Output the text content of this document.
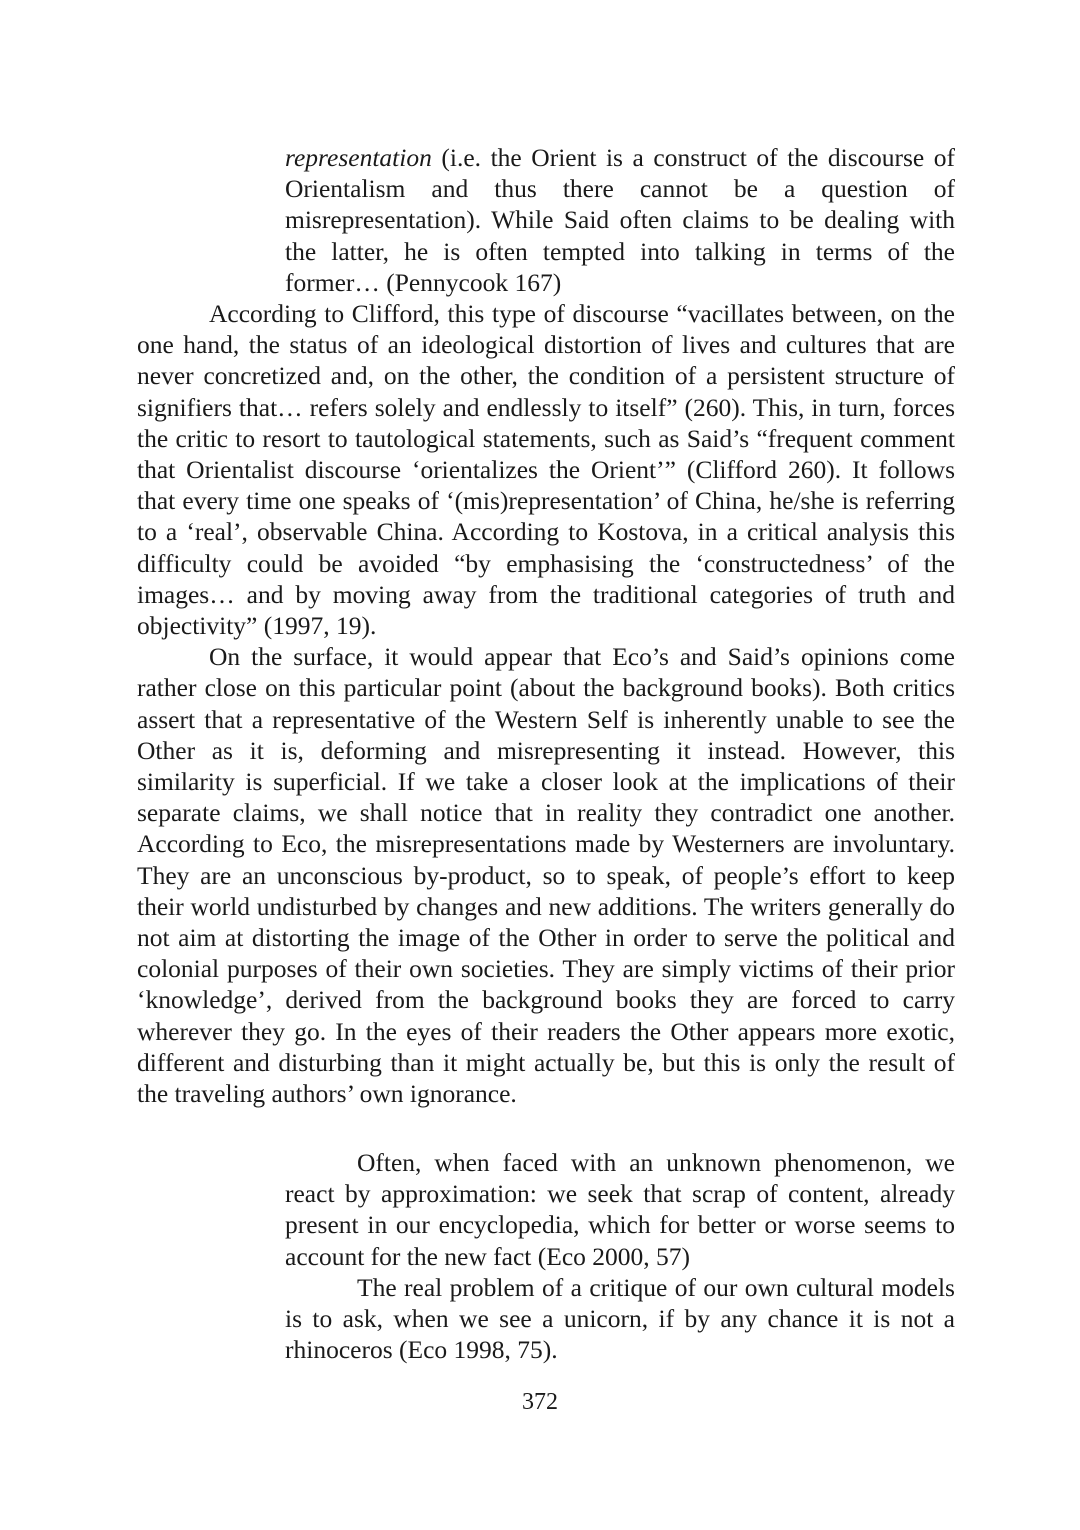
representation (i.e. the Orient is a construct of the discourse of Orientalism and thus there cannot be a question of misrepresentation). While Said often claims to be dealing with the latter, he is often tempted into talking in terms of the former… (Pennycook 167)

According to Clifford, this type of discourse “vacillates between, on the one hand, the status of an ideological distortion of lives and cultures that are never concretized and, on the other, the condition of a persistent structure of signifiers that… refers solely and endlessly to itself” (260). This, in turn, forces the critic to resort to tautological statements, such as Said’s “frequent comment that Orientalist discourse ‘orientalizes the Orient’” (Clifford 260). It follows that every time one speaks of ‘(mis)representation’ of China, he/she is referring to a ‘real’, observable China. According to Kostova, in a critical analysis this difficulty could be avoided “by emphasising the ‘constructedness’ of the images… and by moving away from the traditional categories of truth and objectivity” (1997, 19).

On the surface, it would appear that Eco’s and Said’s opinions come rather close on this particular point (about the background books). Both critics assert that a representative of the Western Self is inherently unable to see the Other as it is, deforming and misrepresenting it instead. However, this similarity is superficial. If we take a closer look at the implications of their separate claims, we shall notice that in reality they contradict one another. According to Eco, the misrepresentations made by Westerners are involuntary. They are an unconscious by-product, so to speak, of people’s effort to keep their world undisturbed by changes and new additions. The writers generally do not aim at distorting the image of the Other in order to serve the political and colonial purposes of their own societies. They are simply victims of their prior ‘knowledge’, derived from the background books they are forced to carry wherever they go. In the eyes of their readers the Other appears more exotic, different and disturbing than it might actually be, but this is only the result of the traveling authors’ own ignorance.

Often, when faced with an unknown phenomenon, we react by approximation: we seek that scrap of content, already present in our encyclopedia, which for better or worse seems to account for the new fact (Eco 2000, 57)

The real problem of a critique of our own cultural models is to ask, when we see a unicorn, if by any chance it is not a rhinoceros (Eco 1998, 75).

372
